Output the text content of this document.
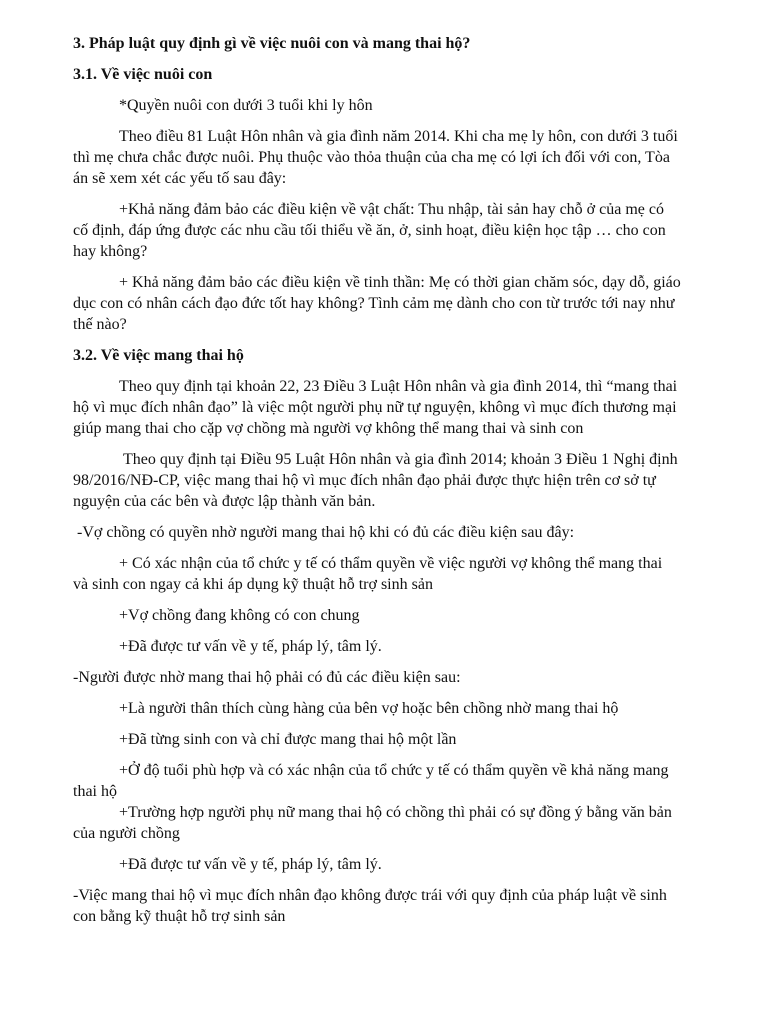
3. Pháp luật quy định gì về việc nuôi con và mang thai hộ?

3.1. Về việc nuôi con

*Quyền nuôi con dưới 3 tuổi khi ly hôn

Theo điều 81 Luật Hôn nhân và gia đình năm 2014. Khi cha mẹ ly hôn, con dưới 3 tuổi thì mẹ chưa chắc được nuôi. Phụ thuộc vào thỏa thuận của cha mẹ có lợi ích đối với con, Tòa án sẽ xem xét các yếu tố sau đây:

+Khả năng đảm bảo các điều kiện về vật chất: Thu nhập, tài sản hay chỗ ở của mẹ có cố định, đáp ứng được các nhu cầu tối thiểu về ăn, ở, sinh hoạt, điều kiện học tập … cho con hay không?

+ Khả năng đảm bảo các điều kiện về tinh thần: Mẹ có thời gian chăm sóc, dạy dỗ, giáo dục con có nhân cách đạo đức tốt hay không? Tình cảm mẹ dành cho con từ trước tới nay như thế nào?

3.2. Về việc mang thai hộ

Theo quy định tại khoản 22, 23 Điều 3 Luật Hôn nhân và gia đình 2014, thì “mang thai hộ vì mục đích nhân đạo” là việc một người phụ nữ tự nguyện, không vì mục đích thương mại giúp mang thai cho cặp vợ chồng mà người vợ không thể mang thai và sinh con

Theo quy định tại Điều 95 Luật Hôn nhân và gia đình 2014; khoản 3 Điều 1 Nghị định 98/2016/NĐ-CP, việc mang thai hộ vì mục đích nhân đạo phải được thực hiện trên cơ sở tự nguyện của các bên và được lập thành văn bản.

-Vợ chồng có quyền nhờ người mang thai hộ khi có đủ các điều kiện sau đây:

+ Có xác nhận của tổ chức y tế có thẩm quyền về việc người vợ không thể mang thai và sinh con ngay cả khi áp dụng kỹ thuật hỗ trợ sinh sản

+Vợ chồng đang không có con chung

+Đã được tư vấn về y tế, pháp lý, tâm lý.

-Người được nhờ mang thai hộ phải có đủ các điều kiện sau:

+Là người thân thích cùng hàng của bên vợ hoặc bên chồng nhờ mang thai hộ

+Đã từng sinh con và chỉ được mang thai hộ một lần

+Ở độ tuổi phù hợp và có xác nhận của tổ chức y tế có thẩm quyền về khả năng mang thai hộ

+Trường hợp người phụ nữ mang thai hộ có chồng thì phải có sự đồng ý bằng văn bản của người chồng

+Đã được tư vấn về y tế, pháp lý, tâm lý.

-Việc mang thai hộ vì mục đích nhân đạo không được trái với quy định của pháp luật về sinh con bằng kỹ thuật hỗ trợ sinh sản
